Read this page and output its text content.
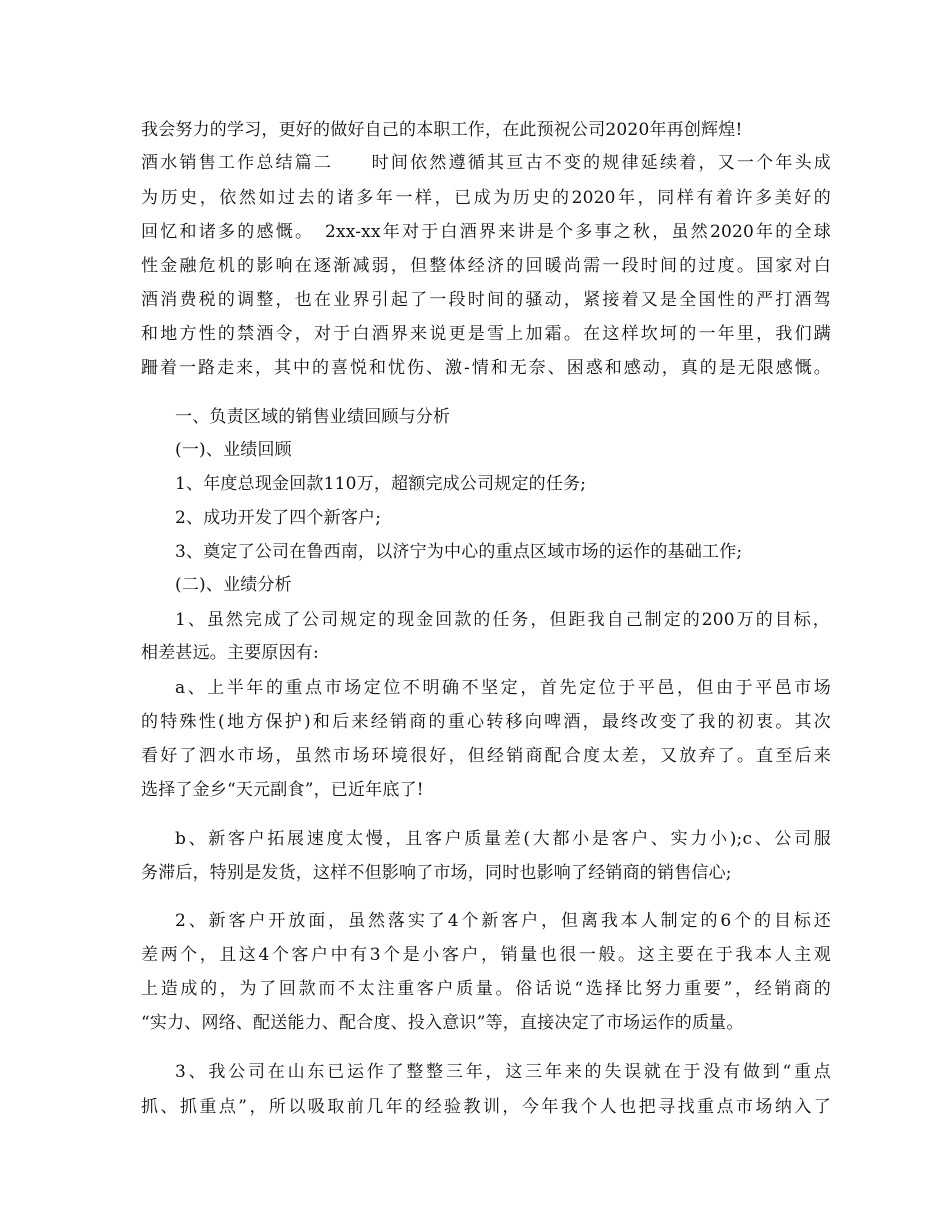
我会努力的学习，更好的做好自己的本职工作，在此预祝公司2020年再创辉煌!
酒水销售工作总结篇二　　时间依然遵循其亘古不变的规律延续着，又一个年头成
为历史，依然如过去的诸多年一样，已成为历史的2020年，同样有着许多美好的
回忆和诸多的感慨。　2xx-xx年对于白酒界来讲是个多事之秋，虽然2020年的全球
性金融危机的影响在逐渐减弱，但整体经济的回暖尚需一段时间的过度。国家对白
酒消费税的调整，也在业界引起了一段时间的骚动，紧接着又是全国性的严打酒驾
和地方性的禁酒令，对于白酒界来说更是雪上加霜。在这样坎坷的一年里，我们蹒
跚着一路走来，其中的喜悦和忧伤、激-情和无奈、困惑和感动，真的是无限感慨。
一、负责区域的销售业绩回顾与分析
(一)、业绩回顾
1、年度总现金回款110万，超额完成公司规定的任务;
2、成功开发了四个新客户;
3、奠定了公司在鲁西南，以济宁为中心的重点区域市场的运作的基础工作;
(二)、业绩分析
1、虽然完成了公司规定的现金回款的任务，但距我自己制定的200万的目标，
相差甚远。主要原因有:
a、上半年的重点市场定位不明确不坚定，首先定位于平邑，但由于平邑市场
的特殊性(地方保护)和后来经销商的重心转移向啤酒，最终改变了我的初衷。其次
看好了泗水市场，虽然市场环境很好，但经销商配合度太差，又放弃了。直至后来
选择了金乡“天元副食”，已近年底了!
b、新客户拓展速度太慢，且客户质量差(大都小是客户、实力小);c、公司服
务滞后，特别是发货，这样不但影响了市场，同时也影响了经销商的销售信心;
2、新客户开放面，虽然落实了4个新客户，但离我本人制定的6个的目标还
差两个，且这4个客户中有3个是小客户，销量也很一般。这主要在于我本人主观
上造成的，为了回款而不太注重客户质量。俗话说“选择比努力重要”，经销商的
“实力、网络、配送能力、配合度、投入意识”等，直接决定了市场运作的质量。
3、我公司在山东已运作了整整三年，这三年来的失误就在于没有做到“重点
抓、抓重点”，所以吸取前几年的经验教训，今年我个人也把寻找重点市场纳入了
